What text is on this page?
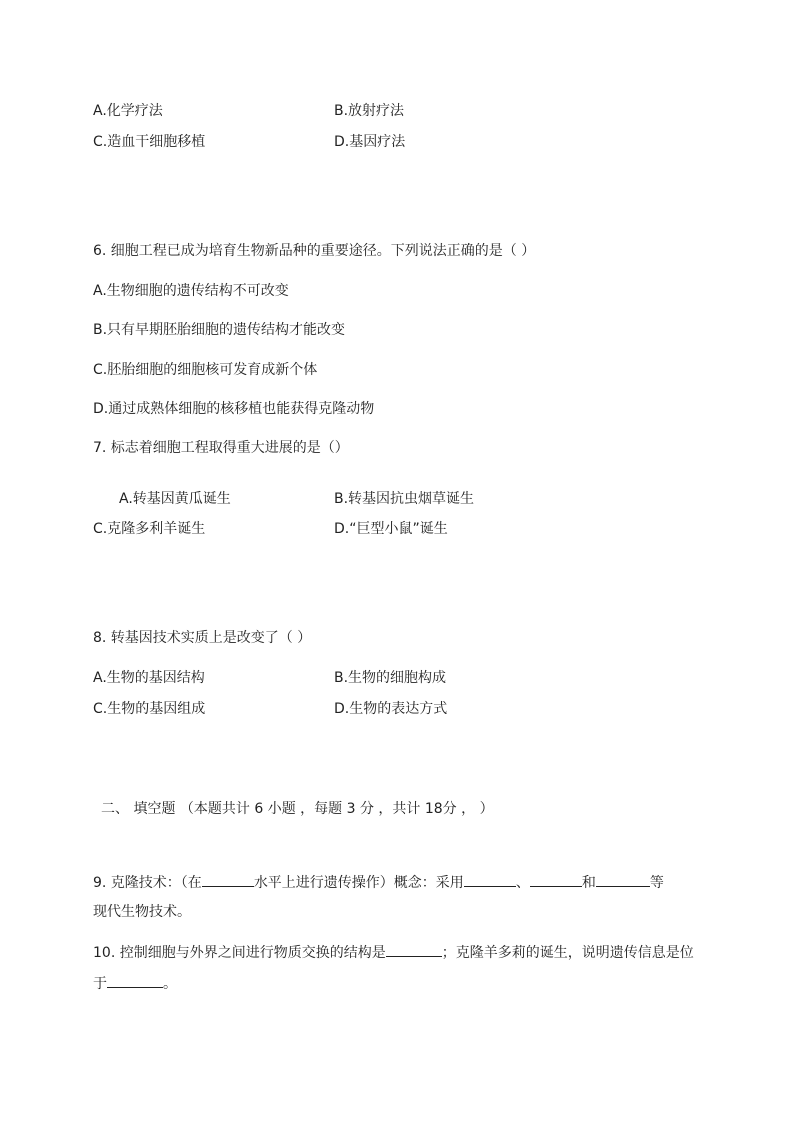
A.化学疗法	B.放射疗法
C.造血干细胞移植	D.基因疗法
6. 细胞工程已成为培育生物新品种的重要途径。下列说法正确的是（ ）
A.生物细胞的遗传结构不可改变
B.只有早期胚胎细胞的遗传结构才能改变
C.胚胎细胞的细胞核可发育成新个体
D.通过成熟体细胞的核移植也能获得克隆动物
7. 标志着细胞工程取得重大进展的是（）
A.转基因黄瓜诞生	B.转基因抗虫烟草诞生
C.克隆多利羊诞生	D.“巨型小鼠”诞生
8. 转基因技术实质上是改变了（ ）
A.生物的基因结构	B.生物的细胞构成
C.生物的基因组成	D.生物的表达方式
二、 填空题 （本题共计 6 小题 ，每题 3 分 ，共计 18分 ， ）
9. 克隆技术：（在	水平上进行遗传操作）概念：采用	、	和	等
现代生物技术。
10. 控制细胞与外界之间进行物质交换的结构是	；克隆羊多莉的诞生，说明遗传信息是位
于	。
